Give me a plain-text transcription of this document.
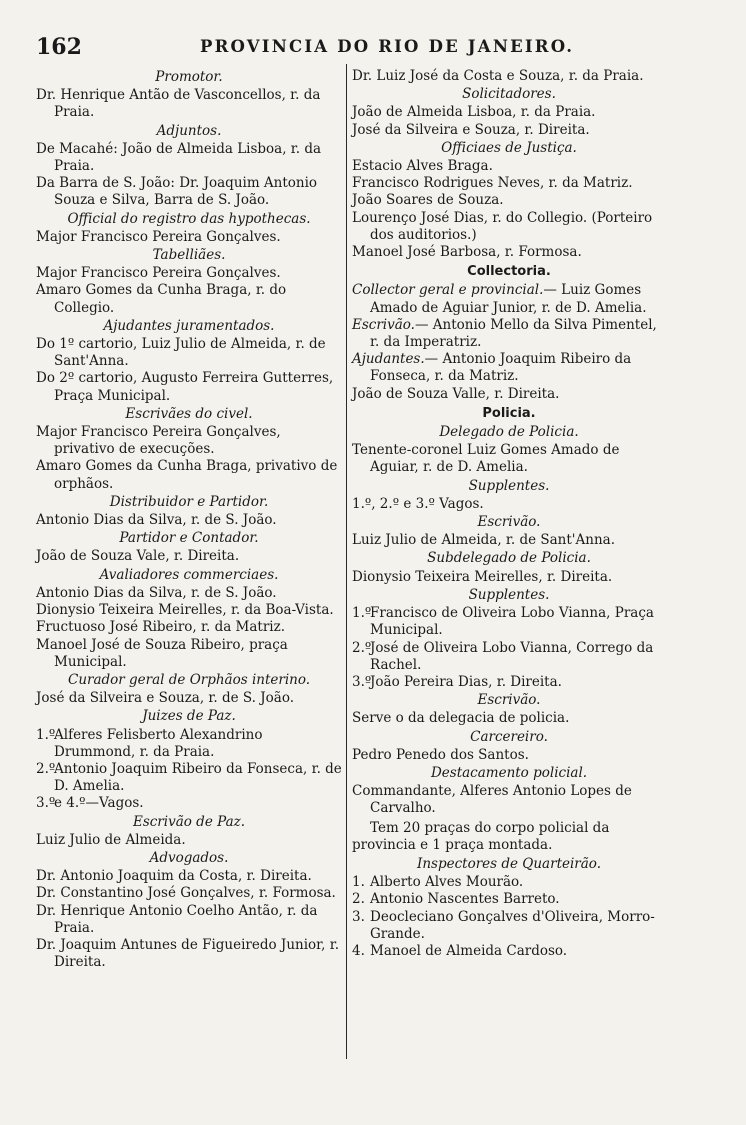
162	PROVINCIA DO RIO DE JANEIRO.
Promotor.

Dr. Henrique Antão de Vasconcellos, r. da Praia.

Adjuntos.

De Macahé: João de Almeida Lisboa, r. da Praia.

Da Barra de S. João: Dr. Joaquim Antonio Souza e Silva, Barra de S. João.

Official do registro das hypothecas.

Major Francisco Pereira Gonçalves.

Tabelliães.

Major Francisco Pereira Gonçalves.

Amaro Gomes da Cunha Braga, r. do Collegio.

Ajudantes juramentados.

Do 1º cartorio, Luiz Julio de Almeida, r. de Sant'Anna.

Do 2º cartorio, Augusto Ferreira Gutterres, Praça Municipal.

Escrivães do civel.

Major Francisco Pereira Gonçalves, privativo de execuções.

Amaro Gomes da Cunha Braga, privativo de orphãos.

Distribuidor e Partidor.

Antonio Dias da Silva, r. de S. João.

Partidor e Contador.

João de Souza Vale, r. Direita.

Avaliadores commerciaes.

Antonio Dias da Silva, r. de S. João.

Dionysio Teixeira Meirelles, r. da Boa-Vista.

Fructuoso José Ribeiro, r. da Matriz.

Manoel José de Souza Ribeiro, praça Municipal.

Curador geral de Orphãos interino.

José da Silveira e Souza, r. de S. João.

Juizes de Paz.

1.º
Alferes Felisberto Alexandrino Drummond, r. da Praia.

2.º
Antonio Joaquim Ribeiro da Fonseca, r. de D. Amelia.

3.º
e 4.º—Vagos.

Escrivão de Paz.

Luiz Julio de Almeida.

Advogados.

Dr. Antonio Joaquim da Costa, r. Direita.

Dr. Constantino José Gonçalves, r. Formosa.

Dr. Henrique Antonio Coelho Antão, r. da Praia.

Dr. Joaquim Antunes de Figueiredo Junior, r. Direita.

Dr. Luiz José da Costa e Souza, r. da Praia.

Solicitadores.

João de Almeida Lisboa, r. da Praia.

José da Silveira e Souza, r. Direita.

Officiaes de Justiça.

Estacio Alves Braga.

Francisco Rodrigues Neves, r. da Matriz.

João Soares de Souza.

Lourenço José Dias, r. do Collegio. (Porteiro dos auditorios.)

Manoel José Barbosa, r. Formosa.

Collectoria.

Collector geral e provincial.— Luiz Gomes Amado de Aguiar Junior, r. de D. Amelia.

Escrivão.— Antonio Mello da Silva Pimentel, r. da Imperatriz.

Ajudantes.— Antonio Joaquim Ribeiro da Fonseca, r. da Matriz.

João de Souza Valle, r. Direita.

Policia.
Delegado de Policia.

Tenente-coronel Luiz Gomes Amado de Aguiar, r. de D. Amelia.

Supplentes.

1.º, 2.º e 3.º Vagos.

Escrivão.

Luiz Julio de Almeida, r. de Sant'Anna.

Subdelegado de Policia.

Dionysio Teixeira Meirelles, r. Direita.

Supplentes.

1.º
Francisco de Oliveira Lobo Vianna, Praça Municipal.

2.º
José de Oliveira Lobo Vianna, Corrego da Rachel.

3.º
João Pereira Dias, r. Direita.

Escrivão.

Serve o da delegacia de policia.

Carcereiro.

Pedro Penedo dos Santos.

Destacamento policial.

Commandante, Alferes Antonio Lopes de Carvalho.

Tem 20 praças do corpo policial da provincia e 1 praça montada.

Inspectores de Quarteirão.

1. Alberto Alves Mourão.

2. Antonio Nascentes Barreto.

3. Deocleciano Gonçalves d'Oliveira, Morro-Grande.

4. Manoel de Almeida Cardoso.
